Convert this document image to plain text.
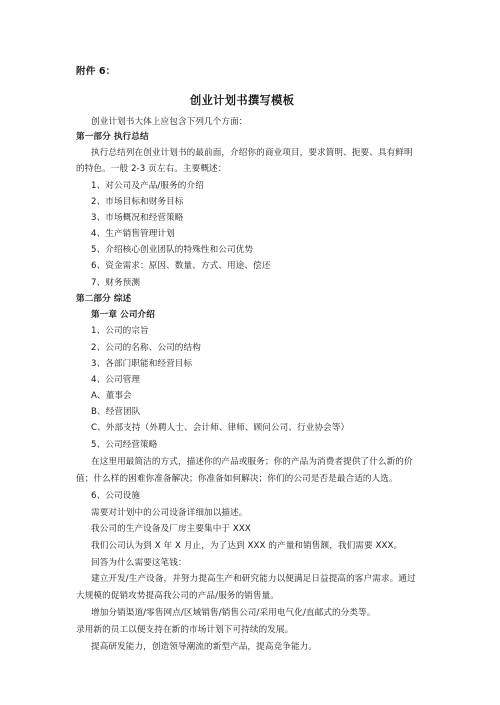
附件 6：
创业计划书撰写模板
创业计划书大体上应包含下列几个方面：
第一部分 执行总结
执行总结列在创业计划书的最前面，介绍你的商业项目，要求简明、扼要、具有鲜明
的特色。一般 2-3 页左右。主要概述：
1、对公司及产品/服务的介绍
2、市场目标和财务目标
3、市场概况和经营策略
4、生产销售管理计划
5、介绍核心创业团队的特殊性和公司优势
6、资金需求：原因、数量、方式、用途、偿还
7、财务预测
第二部分 综述
第一章 公司介绍
1、公司的宗旨
2、公司的名称、公司的结构
3、各部门职能和经营目标
4、公司管理
A、董事会
B、经营团队
C、外部支持（外聘人士、会计师、律师、顾问公司、行业协会等）
5、公司经营策略
在这里用最简洁的方式，描述你的产品或服务；你的产品为消费者提供了什么新的价
值；什么样的困难你准备解决；你准备如何解决；你们的公司是否是最合适的人选。
6、公司设施
需要对计划中的公司设备详细加以描述。
我公司的生产设备及厂房主要集中于 XXX
我们公司认为到 X 年 X 月止，为了达到 XXX 的产量和销售额，我们需要 XXX。
回答为什么需要这笔钱：
建立开发/生产设备，并努力提高生产和研究能力以便满足日益提高的客户需求。通过
大规模的促销攻势提高我公司的产品/服务的销售量。
增加分销渠道/零售网点/区域销售/销售公司/采用电气化/直邮式的分类等。
录用新的员工以便支持在新的市场计划下可持续的发展。
提高研发能力，创造领导潮流的新型产品，提高竞争能力。
